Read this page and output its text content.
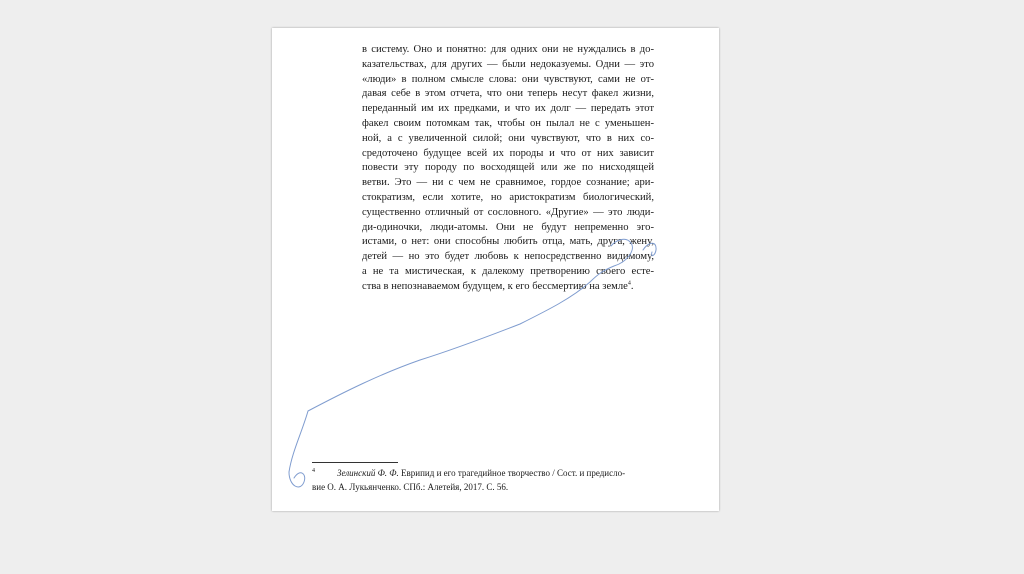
в систему. Оно и понятно: для одних они не нуждались в до-
казательствах, для других — были недоказуемы. Одни — это
«люди» в полном смысле слова: они чувствуют, сами не от-
давая себе в этом отчета, что они теперь несут факел жизни,
переданный им их предками, и что их долг — передать этот
факел своим потомкам так, чтобы он пылал не с уменьшен-
ной, а с увеличенной силой; они чувствуют, что в них со-
средоточено будущее всей их породы и что от них зависит
повести эту породу по восходящей или же по нисходящей
ветви. Это — ни с чем не сравнимое, гордое сознание; ари-
стократизм, если хотите, но аристократизм биологический,
существенно отличный от сословного. «Другие» — это люди-
ди-одиночки, люди-атомы. Они не будут непременно эго-
истами, о нет: они способны любить отца, мать, друга, жену,
детей — но это будет любовь к непосредственно видимому,
а не та мистическая, к далекому претворению своего есте-
ства в непознаваемом будущем, к его бессмертию на земле$^4$.
4 Зелинский Ф. Ф. Еврипид и его трагедийное творчество / Сост. и предисло-
вие О. А. Лукьянченко. СПб.: Алетейя, 2017. С. 56.
